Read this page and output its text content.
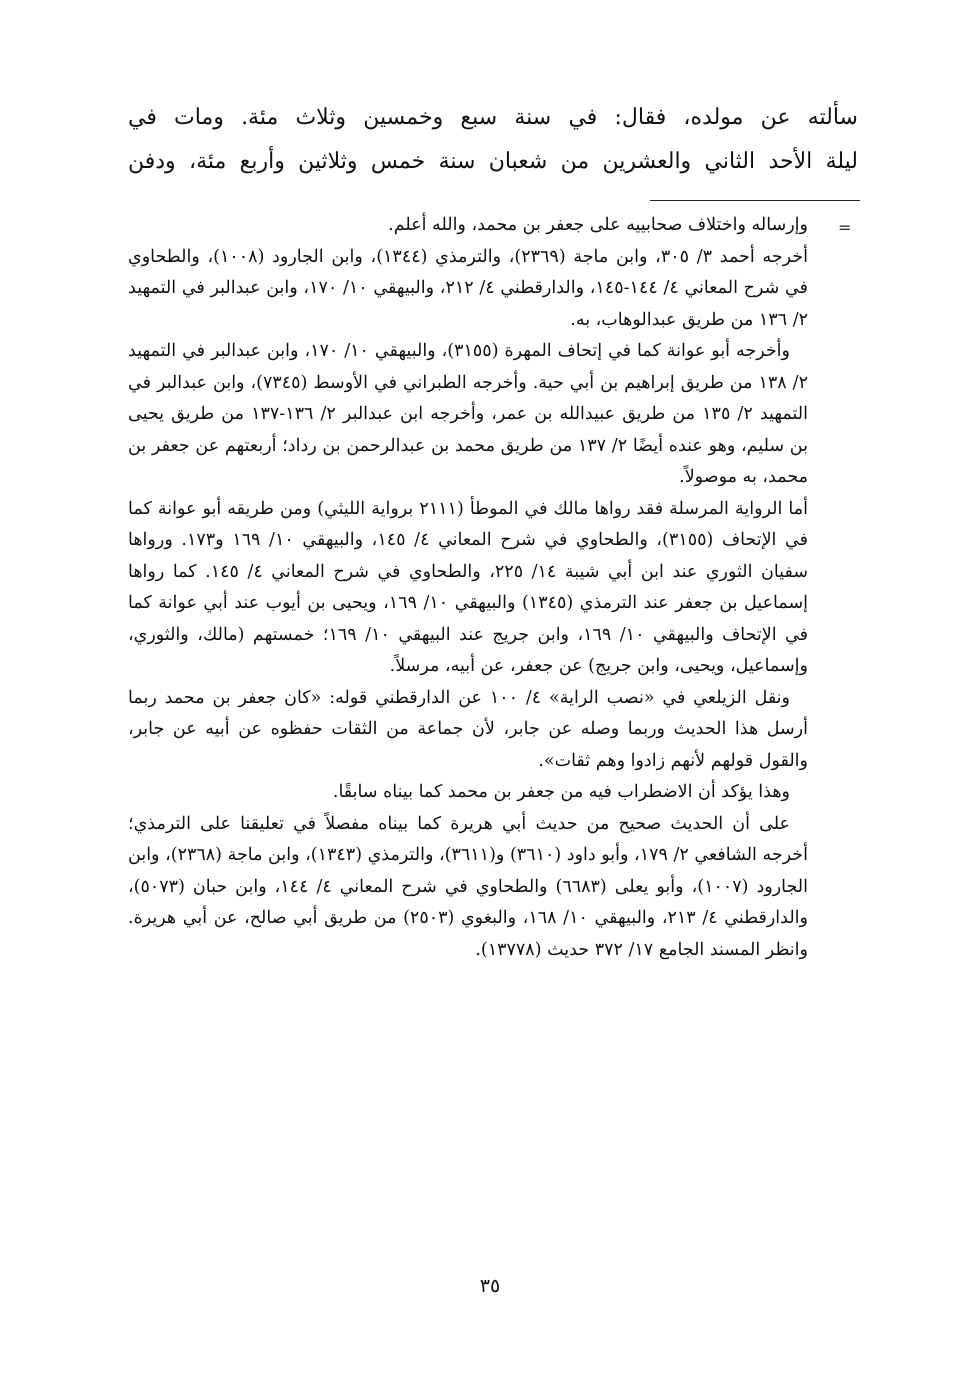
سألته عن مولده، فقال: في سنة سبع وخمسين وثلاث مئة. ومات في

ليلة الأحد الثاني والعشرين من شعبان سنة خمس وثلاثين وأربع مئة، ودفن

=

وإرساله واختلاف صحابييه على جعفر بن محمد، والله أعلم.

أخرجه أحمد ٣/ ٣٠٥، وابن ماجة (٢٣٦٩)، والترمذي (١٣٤٤)، وابن الجارود (١٠٠٨)، والطحاوي في شرح المعاني ٤/ ١٤٤-١٤٥، والدارقطني ٤/ ٢١٢، والبيهقي ١٠/ ١٧٠، وابن عبدالبر في التمهيد ٢/ ١٣٦ من طريق عبدالوهاب، به.

وأخرجه أبو عوانة كما في إتحاف المهرة (٣١٥٥)، والبيهقي ١٠/ ١٧٠، وابن عبدالبر في التمهيد ٢/ ١٣٨ من طريق إبراهيم بن أبي حية. وأخرجه الطبراني في الأوسط (٧٣٤٥)، وابن عبدالبر في التمهيد ٢/ ١٣٥ من طريق عبيدالله بن عمر، وأخرجه ابن عبدالبر ٢/ ١٣٦-١٣٧ من طريق يحيى بن سليم، وهو عنده أيضًا ٢/ ١٣٧ من طريق محمد بن عبدالرحمن بن رداد؛ أربعتهم عن جعفر بن محمد، به موصولاً.

أما الرواية المرسلة فقد رواها مالك في الموطأ (٢١١١ برواية الليثي) ومن طريقه أبو عوانة كما في الإتحاف (٣١٥٥)، والطحاوي في شرح المعاني ٤/ ١٤٥، والبيهقي ١٠/ ١٦٩ و١٧٣. ورواها سفيان الثوري عند ابن أبي شيبة ١٤/ ٢٢٥، والطحاوي في شرح المعاني ٤/ ١٤٥. كما رواها إسماعيل بن جعفر عند الترمذي (١٣٤٥) والبيهقي ١٠/ ١٦٩، ويحيى بن أيوب عند أبي عوانة كما في الإتحاف والبيهقي ١٠/ ١٦٩، وابن جريج عند البيهقي ١٠/ ١٦٩؛ خمستهم (مالك، والثوري، وإسماعيل، ويحيى، وابن جريج) عن جعفر، عن أبيه، مرسلاً.

ونقل الزيلعي في «نصب الراية» ٤/ ١٠٠ عن الدارقطني قوله: «كان جعفر بن محمد ربما أرسل هذا الحديث وربما وصله عن جابر، لأن جماعة من الثقات حفظوه عن أبيه عن جابر، والقول قولهم لأنهم زادوا وهم ثقات».

وهذا يؤكد أن الاضطراب فيه من جعفر بن محمد كما بيناه سابقًا.

على أن الحديث صحيح من حديث أبي هريرة كما بيناه مفصلاً في تعليقنا على الترمذي؛ أخرجه الشافعي ٢/ ١٧٩، وأبو داود (٣٦١٠) و(٣٦١١)، والترمذي (١٣٤٣)، وابن ماجة (٢٣٦٨)، وابن الجارود (١٠٠٧)، وأبو يعلى (٦٦٨٣) والطحاوي في شرح المعاني ٤/ ١٤٤، وابن حبان (٥٠٧٣)، والدارقطني ٤/ ٢١٣، والبيهقي ١٠/ ١٦٨، والبغوي (٢٥٠٣) من طريق أبي صالح، عن أبي هريرة. وانظر المسند الجامع ١٧/ ٣٧٢ حديث (١٣٧٧٨).

٣٥
